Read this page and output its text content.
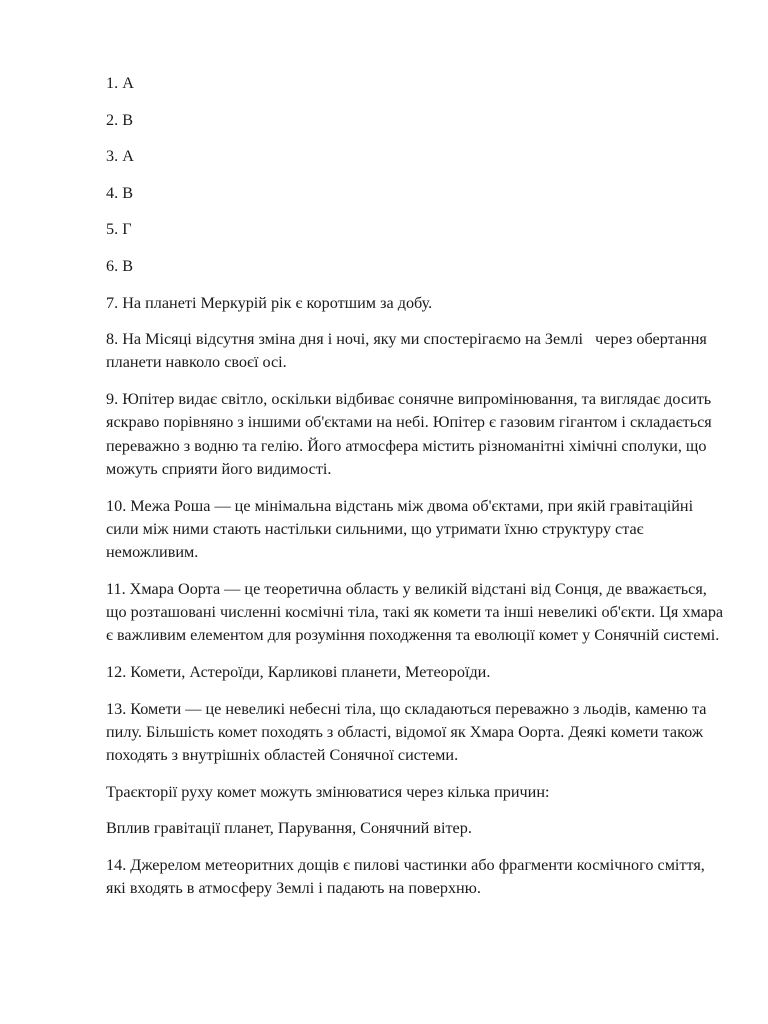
1. А

2. В

3. А

4. В

5. Г

6. В

7. На планеті Меркурій рік є коротшим за добу.

8. На Місяці відсутня зміна дня і ночі, яку ми спостерігаємо на Землі   через обертання планети навколо своєї осі.

9. Юпітер видає світло, оскільки відбиває сонячне випромінювання, та виглядає досить яскраво порівняно з іншими об'єктами на небі. Юпітер є газовим гігантом і складається переважно з водню та гелію. Його атмосфера містить різноманітні хімічні сполуки, що можуть сприяти його видимості.

10. Межа Роша — це мінімальна відстань між двома об'єктами, при якій гравітаційні сили між ними стають настільки сильними, що утримати їхню структуру стає неможливим.

11. Хмара Оорта — це теоретична область у великій відстані від Сонця, де вважається, що розташовані численні космічні тіла, такі як комети та інші невеликі об'єкти. Ця хмара є важливим елементом для розуміння походження та еволюції комет у Сонячній системі.

12. Комети, Астероїди, Карликові планети, Метеороїди.

13. Комети — це невеликі небесні тіла, що складаються переважно з льодів, каменю та пилу. Більшість комет походять з області, відомої як Хмара Оорта. Деякі комети також походять з внутрішніх областей Сонячної системи.

Траєкторії руху комет можуть змінюватися через кілька причин:

Вплив гравітації планет, Парування, Сонячний вітер.

14. Джерелом метеоритних дощів є пилові частинки або фрагменти космічного сміття, які входять в атмосферу Землі і падають на поверхню.
